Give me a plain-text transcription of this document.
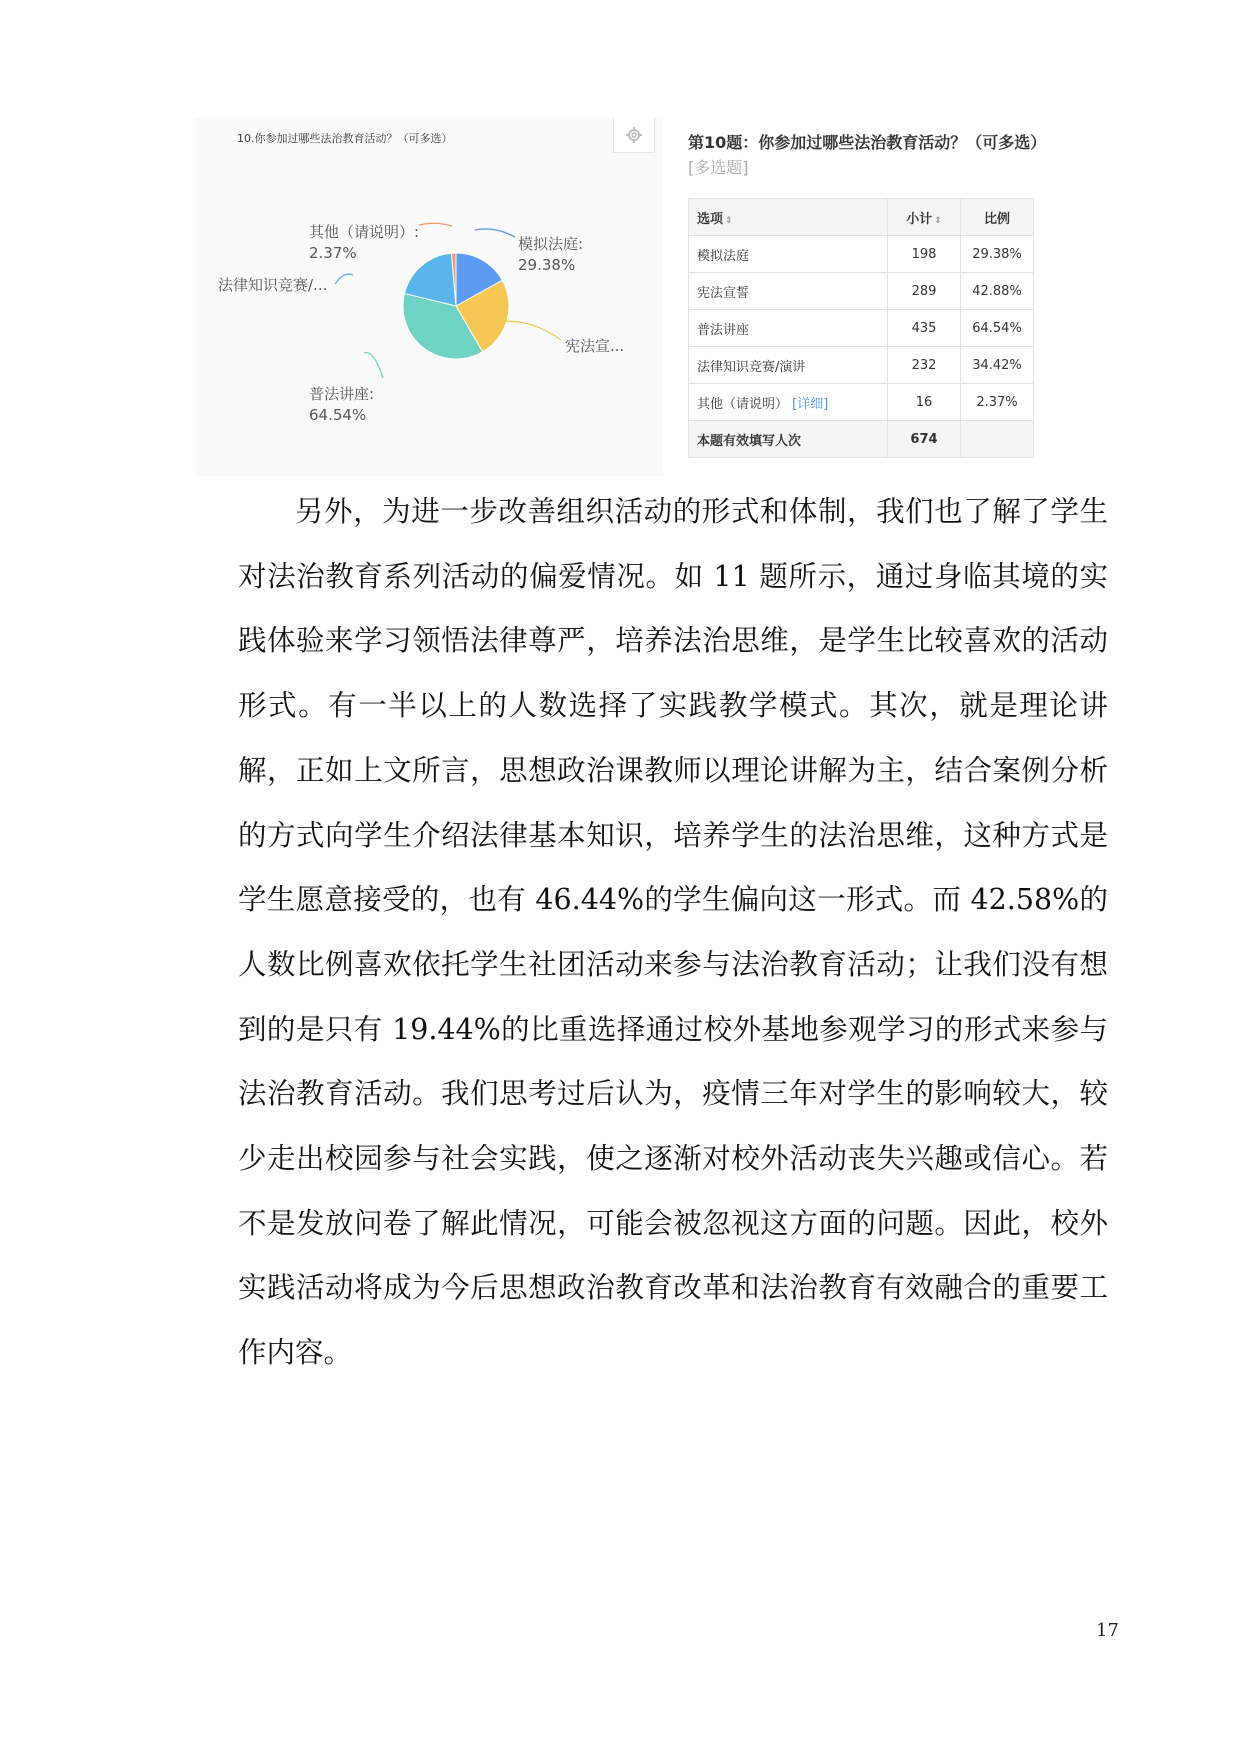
10.你参加过哪些法治教育活动？（可多选）
其他（请说明）:
2.37%	模拟法庭:
29.38%
法律知识竞赛/...
宪法宣...
普法讲座:
64.54%
第10题：你参加过哪些法治教育活动？（可多选） [多选题]
选项 ⇕	小计 ⇕	比例
模拟法庭	198	29.38%
宪法宣誓	289	42.88%
普法讲座	435	64.54%
法律知识竞赛/演讲	232	34.42%
其他（请说明） [详细]	16	2.37%
本题有效填写人次	674	

另外，为进一步改善组织活动的形式和体制，我们也了解了学生对法治教育系列活动的偏爱情况。如 11 题所示，通过身临其境的实践体验来学习领悟法律尊严，培养法治思维，是学生比较喜欢的活动形式。有一半以上的人数选择了实践教学模式。其次，就是理论讲解，正如上文所言，思想政治课教师以理论讲解为主，结合案例分析的方式向学生介绍法律基本知识，培养学生的法治思维，这种方式是学生愿意接受的，也有 46.44%的学生偏向这一形式。而 42.58%的人数比例喜欢依托学生社团活动来参与法治教育活动；让我们没有想到的是只有 19.44%的比重选择通过校外基地参观学习的形式来参与法治教育活动。我们思考过后认为，疫情三年对学生的影响较大，较少走出校园参与社会实践，使之逐渐对校外活动丧失兴趣或信心。若不是发放问卷了解此情况，可能会被忽视这方面的问题。因此，校外实践活动将成为今后思想政治教育改革和法治教育有效融合的重要工作内容。

17
